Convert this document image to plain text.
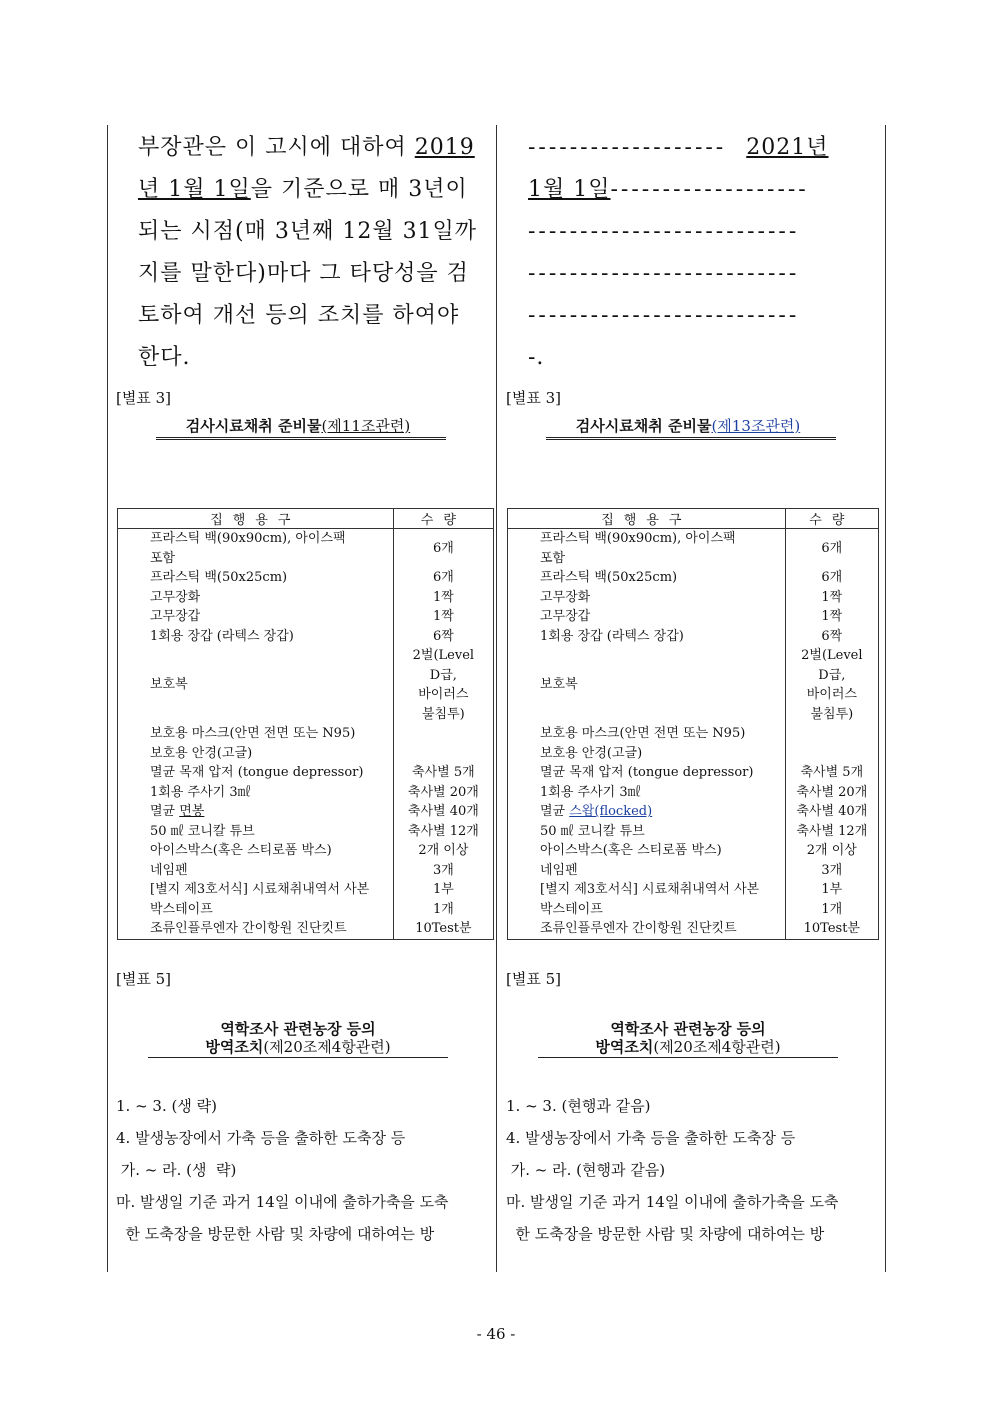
부장관은 이 고시에 대하여 2019
년 1월 1일을 기준으로 매 3년이
되는 시점(매 3년째 12월 31일까
지를 말한다)마다 그 타당성을 검
토하여 개선 등의 조치를 하여야
한다.
[별표 3]
검사시료채취 준비물(제11조관련)
[별표 5]
역학조사 관련농장 등의
방역조치(제20조제4항관련)
1. ~ 3. (생 략)
4. 발생농장에서 가축 등을 출하한 도축장 등
가. ~ 라. (생  략)
마. 발생일 기준 과거 14일 이내에 출하가축을 도축
한 도축장을 방문한 사람 및 차량에 대하여는 방
집행용구	수량
프라스틱 백(90x90cm), 아이스팩
포함	6개
프라스틱 백(50x25cm)	6개
고무장화	1짝
고무장갑	1짝
1회용 장갑 (라텍스 장갑)	6짝
보호복	2벌(Level
D급,
바이러스
불침투)
보호용 마스크(안면 전면 또는 N95)	
보호용 안경(고글)	
멸균 목재 압저 (tongue depressor)	축사별 5개
1회용 주사기 3㎖	축사별 20개
멸균 면봉	축사별 40개
50 ㎖ 코니칼 튜브	축사별 12개
아이스박스(혹은 스티로폼 박스)	2개 이상
네임펜	3개
[별지 제3호서식] 시료채취내역서 사본	1부
박스테이프	1개
조류인플루엔자 간이항원 진단킷트	10Test분
-------------------  2021년
1월 1일-------------------
--------------------------
--------------------------
--------------------------
-.
[별표 3]
검사시료채취 준비물(제13조관련)
[별표 5]
역학조사 관련농장 등의
방역조치(제20조제4항관련)
1. ~ 3. (현행과 같음)
4. 발생농장에서 가축 등을 출하한 도축장 등
가. ~ 라. (현행과 같음)
마. 발생일 기준 과거 14일 이내에 출하가축을 도축
한 도축장을 방문한 사람 및 차량에 대하여는 방
집행용구	수량
프라스틱 백(90x90cm), 아이스팩
포함	6개
프라스틱 백(50x25cm)	6개
고무장화	1짝
고무장갑	1짝
1회용 장갑 (라텍스 장갑)	6짝
보호복	2벌(Level
D급,
바이러스
불침투)
보호용 마스크(안면 전면 또는 N95)	
보호용 안경(고글)	
멸균 목재 압저 (tongue depressor)	축사별 5개
1회용 주사기 3㎖	축사별 20개
멸균 스왑(flocked)	축사별 40개
50 ㎖ 코니칼 튜브	축사별 12개
아이스박스(혹은 스티로폼 박스)	2개 이상
네임펜	3개
[별지 제3호서식] 시료채취내역서 사본	1부
박스테이프	1개
조류인플루엔자 간이항원 진단킷트	10Test분
- 46 -
